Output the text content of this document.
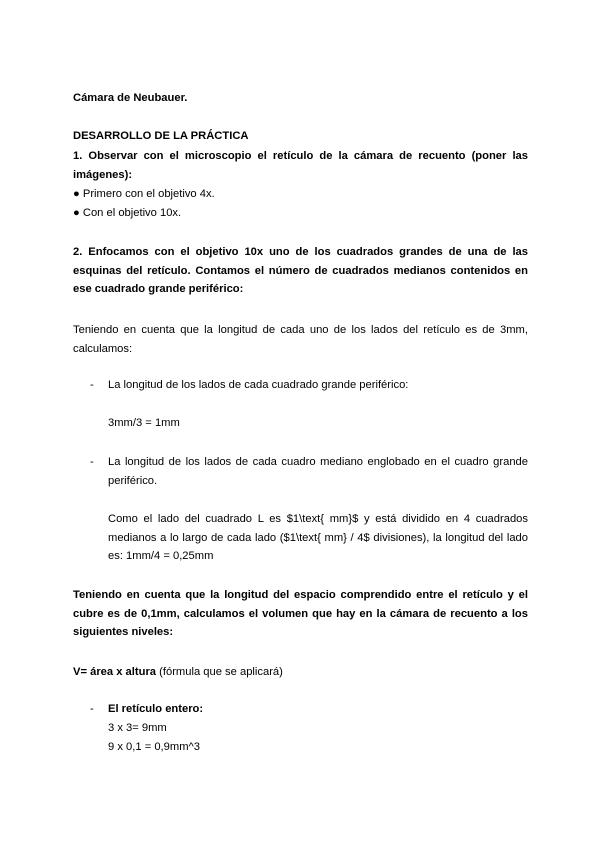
Cámara de Neubauer.

DESARROLLO DE LA PRÁCTICA

1. Observar con el microscopio el retículo de la cámara de recuento (poner las imágenes):

● Primero con el objetivo 4x.

● Con el objetivo 10x.

2. Enfocamos con el objetivo 10x uno de los cuadrados grandes de una de las esquinas del retículo. Contamos el número de cuadrados medianos contenidos en ese cuadrado grande periférico:

Teniendo en cuenta que la longitud de cada uno de los lados del retículo es de 3mm, calculamos:

- La longitud de los lados de cada cuadrado grande periférico:

3mm/3 = 1mm

- La longitud de los lados de cada cuadro mediano englobado en el cuadro grande periférico.

Como el lado del cuadrado L es $1\text{ mm}$ y está dividido en 4 cuadrados medianos a lo largo de cada lado ($1\text{ mm} / 4$ divisiones), la longitud del lado es: 1mm/4 = 0,25mm

Teniendo en cuenta que la longitud del espacio comprendido entre el retículo y el cubre es de 0,1mm, calculamos el volumen que hay en la cámara de recuento a los siguientes niveles:

V= área x altura (fórmula que se aplicará)

- El retículo entero:

3 x 3= 9mm

9 x 0,1 = 0,9mm^3
